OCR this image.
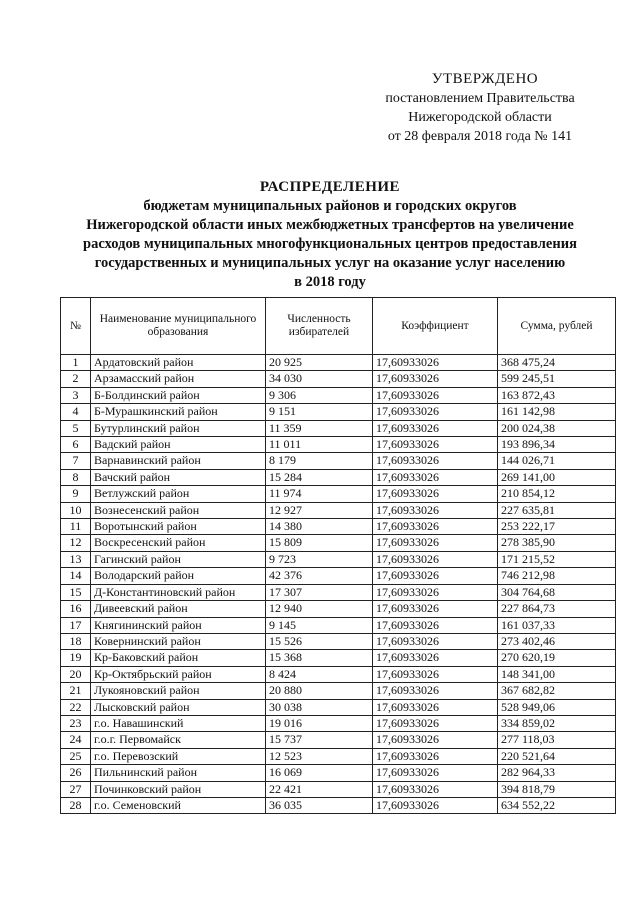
УТВЕРЖДЕНО
постановлением Правительства
Нижегородской области
от 28 февраля 2018 года № 141
РАСПРЕДЕЛЕНИЕ
бюджетам муниципальных районов и городских округов
Нижегородской области иных межбюджетных трансфертов на увеличение
расходов муниципальных многофункциональных центров предоставления
государственных и муниципальных услуг на оказание услуг населению
в 2018 году
№	Наименование муниципального образования	Численность избирателей	Коэффициент	Сумма, рублей
1	Ардатовский район	20 925	17,60933026	368 475,24
2	Арзамасский район	34 030	17,60933026	599 245,51
3	Б-Болдинский район	9 306	17,60933026	163 872,43
4	Б-Мурашкинский район	9 151	17,60933026	161 142,98
5	Бутурлинский район	11 359	17,60933026	200 024,38
6	Вадский район	11 011	17,60933026	193 896,34
7	Варнавинский район	8 179	17,60933026	144 026,71
8	Вачский район	15 284	17,60933026	269 141,00
9	Ветлужский район	11 974	17,60933026	210 854,12
10	Вознесенский район	12 927	17,60933026	227 635,81
11	Воротынский район	14 380	17,60933026	253 222,17
12	Воскресенский район	15 809	17,60933026	278 385,90
13	Гагинский район	9 723	17,60933026	171 215,52
14	Володарский район	42 376	17,60933026	746 212,98
15	Д-Константиновский район	17 307	17,60933026	304 764,68
16	Дивеевский район	12 940	17,60933026	227 864,73
17	Княгининский район	9 145	17,60933026	161 037,33
18	Ковернинский район	15 526	17,60933026	273 402,46
19	Кр-Баковский район	15 368	17,60933026	270 620,19
20	Кр-Октябрьский район	8 424	17,60933026	148 341,00
21	Лукояновский район	20 880	17,60933026	367 682,82
22	Лысковский район	30 038	17,60933026	528 949,06
23	г.о. Навашинский	19 016	17,60933026	334 859,02
24	г.о.г. Первомайск	15 737	17,60933026	277 118,03
25	г.о. Перевозский	12 523	17,60933026	220 521,64
26	Пильнинский район	16 069	17,60933026	282 964,33
27	Починковский район	22 421	17,60933026	394 818,79
28	г.о. Семеновский	36 035	17,60933026	634 552,22
